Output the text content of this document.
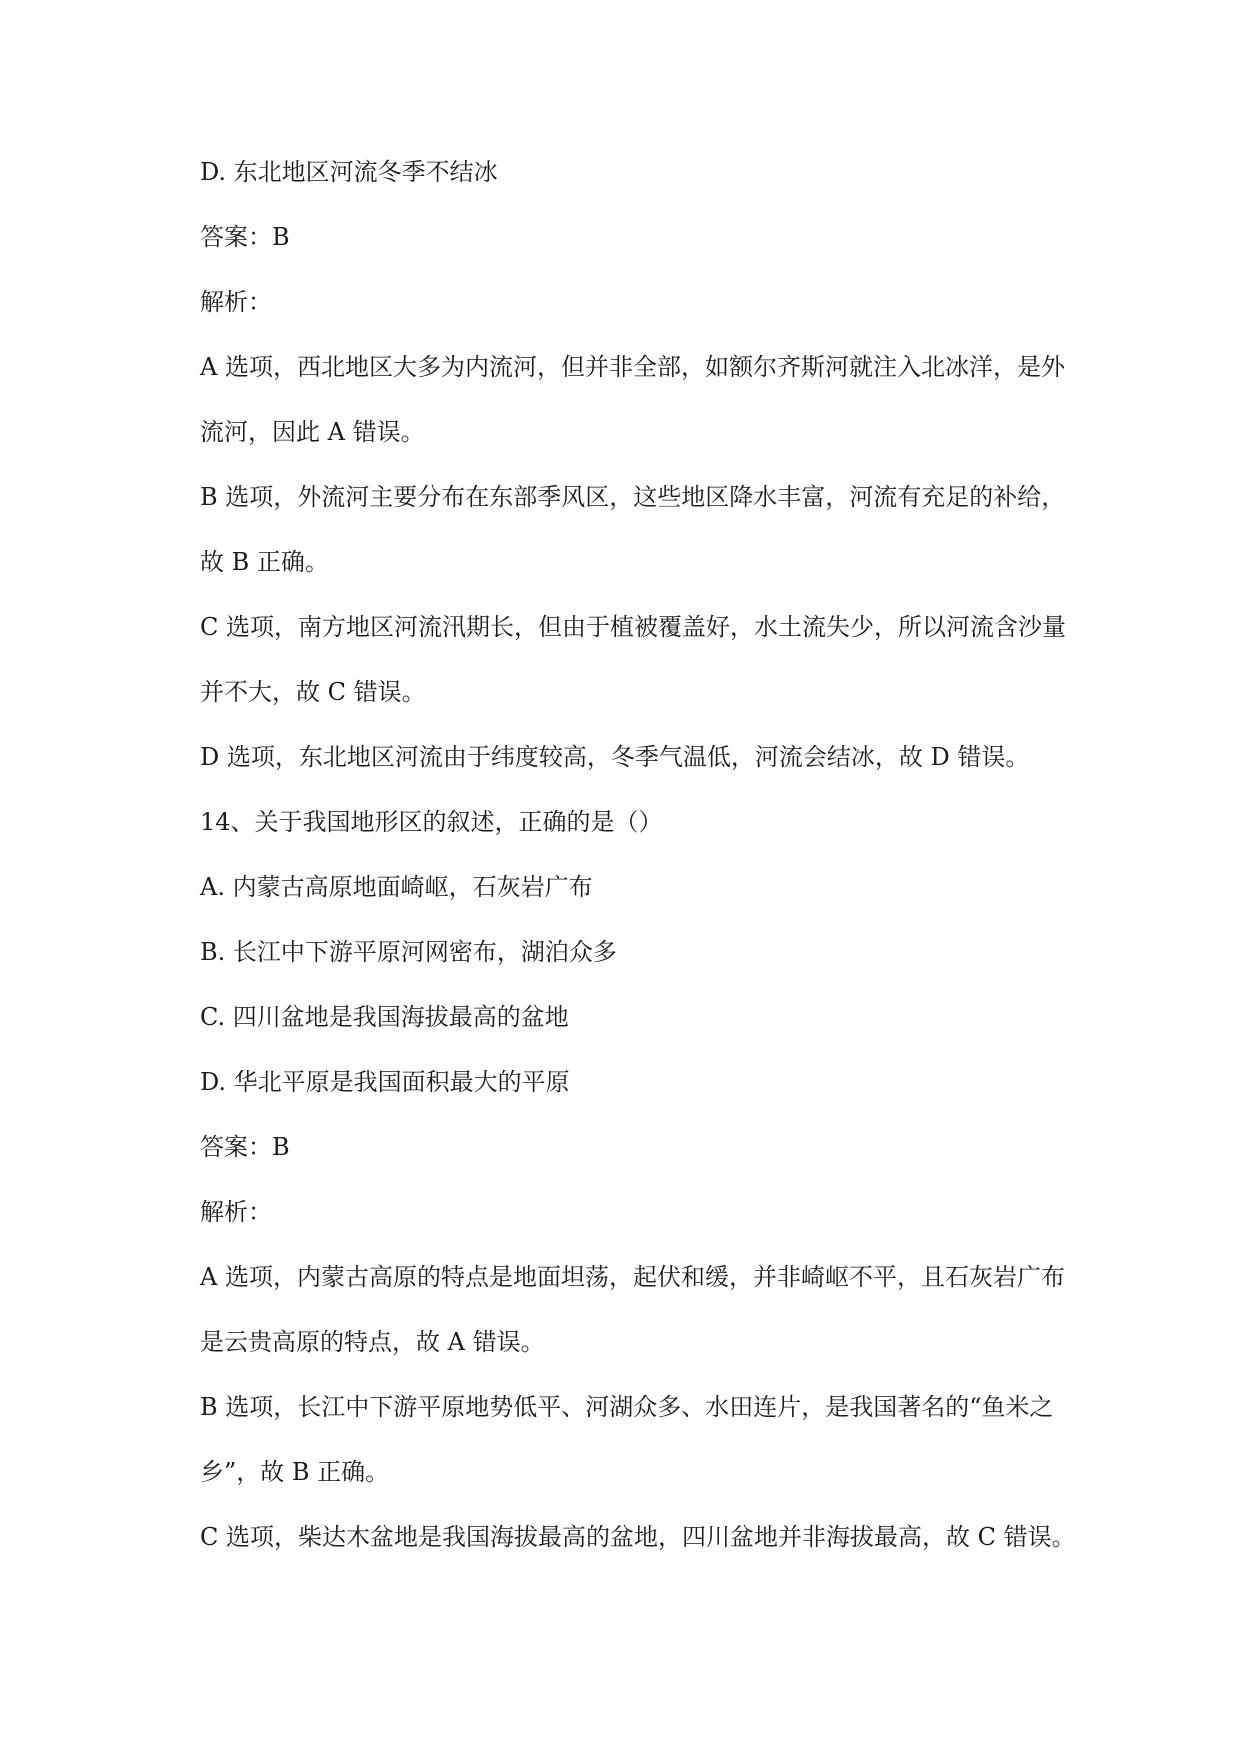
D. 东北地区河流冬季不结冰

答案：B

解析：

A 选项，西北地区大多为内流河，但并非全部，如额尔齐斯河就注入北冰洋，是外

流河，因此 A 错误。

B 选项，外流河主要分布在东部季风区，这些地区降水丰富，河流有充足的补给，

故 B 正确。

C 选项，南方地区河流汛期长，但由于植被覆盖好，水土流失少，所以河流含沙量

并不大，故 C 错误。

D 选项，东北地区河流由于纬度较高，冬季气温低，河流会结冰，故 D 错误。

14、关于我国地形区的叙述，正确的是（）

A. 内蒙古高原地面崎岖，石灰岩广布

B. 长江中下游平原河网密布，湖泊众多

C. 四川盆地是我国海拔最高的盆地

D. 华北平原是我国面积最大的平原

答案：B

解析：

A 选项，内蒙古高原的特点是地面坦荡，起伏和缓，并非崎岖不平，且石灰岩广布

是云贵高原的特点，故 A 错误。

B 选项，长江中下游平原地势低平、河湖众多、水田连片，是我国著名的“鱼米之

乡”，故 B 正确。

C 选项，柴达木盆地是我国海拔最高的盆地，四川盆地并非海拔最高，故 C 错误。
